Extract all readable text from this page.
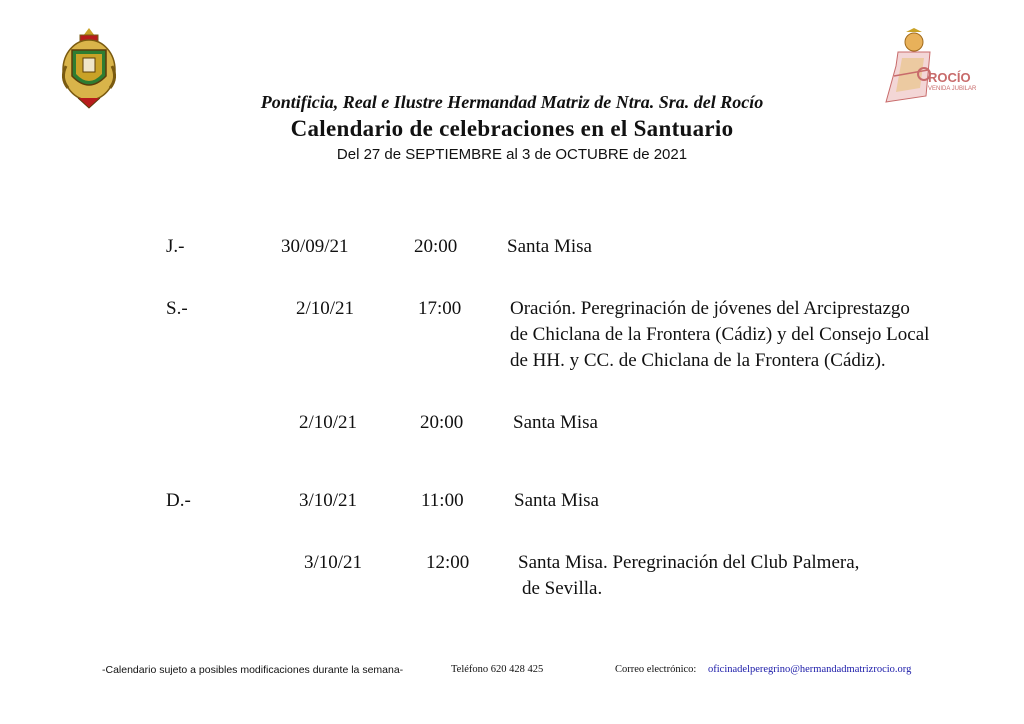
ROCÍO
VENIDA JUBILAR
Pontificia, Real e Ilustre Hermandad Matriz de Ntra. Sra. del Rocío
Calendario de celebraciones en el Santuario
Del 27 de SEPTIEMBRE al 3 de OCTUBRE de 2021
J.-	30/09/21	20:00	Santa Misa
S.-	2/10/21	17:00	Oración. Peregrinación de jóvenes del Arciprestazgo
de Chiclana de la Frontera (Cádiz) y del Consejo Local
de HH. y CC. de Chiclana de la Frontera (Cádiz).
2/10/21	20:00	Santa Misa
D.-	3/10/21	11:00	Santa Misa
3/10/21	12:00	Santa Misa. Peregrinación del Club Palmera,
de Sevilla.
-Calendario sujeto a posibles modificaciones durante la semana-	Teléfono 620 428 425	Correo electrónico: oficinadelperegrino@hermandadmatrizrocio.org
